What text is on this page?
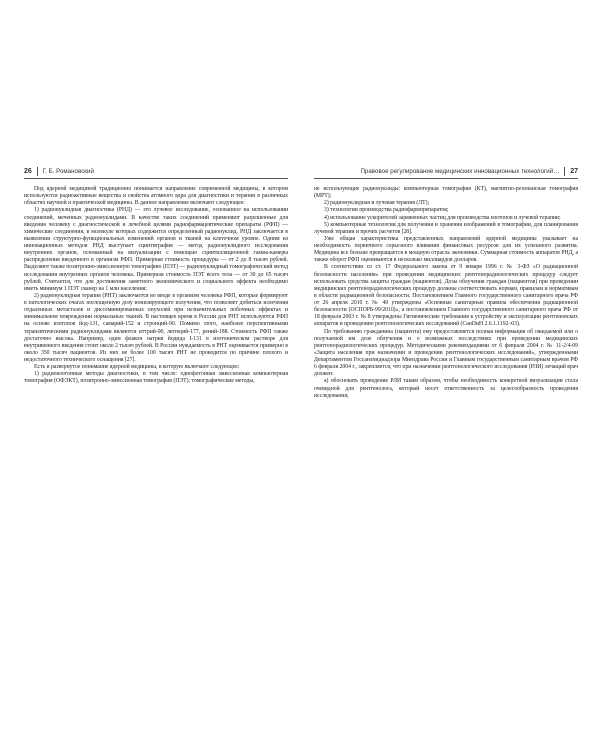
26 Г. Б. Романовский

Под ядерной медициной традиционно понимается направление современной медицины, в котором используются радиоактивные вещества и свойства атомного ядра для диагностики и терапии в различных областях научной и практической медицины. В данное направление включают следующее:

1) радионуклидная диагностика (РНД) — это лучевое исследование, основанное на использовании соединений, меченных радионуклидами. В качестве таких соединений применяют разрешенные для введения человеку с диагностической и лечебной целями радиофармацевтические препараты (РФП) — химические соединения, в молекуле которых содержится определенный радионуклид. РНД заключается в выявлении структурно-функциональных изменений органов и тканей на клеточном уровне. Одним из инновационных методов РНД выступает сцинтиграфия — метод радионуклидного исследования внутренних органов, основанный на визуализации с помощью сцинтилляционной гамма-камеры распределения введенного в организм РФП. Примерная стоимость процедуры — от 2 до 8 тысяч рублей. Выделяют также позитронно-эмиссионную томографию (ПЭТ) — радионуклидный томографический метод исследования внутренних органов человека. Примерная стоимость ПЭТ всего тела — от 30 до 65 тысяч рублей. Считается, что для достижения заметного экономического и социального эффекта необходимо иметь минимум 1 ПЭТ сканер на 1 млн населения;

2) радионуклидная терапия (РНТ) заключается во вводе в организм человека РФП, которые формируют в патологических очагах поглощенную дозу ионизирующего излучения, что позволяет добиться излечения отдаленных метастазов и диссеминированных опухолей при незначительных побочных эффектах и минимальном повреждении нормальных тканей. В настоящее время в России для РНТ используются РФП на основе изотопов йод-131, самарий-152 и стронций-90. Помимо этого, наиболее перспективными терапевтическими радионуклидами являются иттрий-90, лютеций-177, рений-188. Стоимость РФП также достаточно высока. Например, один флакон натрия йодида I-131 в изотоническом растворе для внутривенного введения стоит около 2 тысяч рублей. В России нуждаемость в РНТ оценивается примерно в около 350 тысяч пациентов. Из них не более 100 тысяч РНТ не проводится по причине плохого и недостаточного технического оснащения [27].

Есть и развернутое понимание ядерной медицины, в которую включают следующее:

1) радиоизотопные методы диагностики, в том числе: однофотонная эмиссионная компьютерная томография (ОФЭКТ), позитронно-эмиссионная томография (ПЭТ); томографические методы,

Правовое регулирование медицинских инновационных технологий… 27

не использующие радионуклиды: компьютерная томография (КТ), магнитно-резонансная томография (МРТ);

2) радионуклидная и лучевая терапия (ЛТ);

3) технологии производства радиофармпрепаратов;

4) использование ускорителей заряженных частиц для производства изотопов и лучевой терапии;

5) компьютерные технологии для получения и хранения изображений в томографии, для планирования лучевой терапии и прочих расчетов [28].

Уже общая характеристика представленных направлений ядерной медицины указывает на необходимость первичного серьезного вливания финансовых ресурсов для их успешного развития. Медицина все больше превращается в мощную отрасль экономики. Суммарная стоимость аппаратов РНД, а также оборот РФП оцениваются в несколько миллиардов долларов.

В соответствии со ст. 17 Федерального закона от 9 января 1996 г. № 3-ФЗ «О радиационной безопасности населения» при проведении медицинских рентгенорадиологических процедур следует использовать средства защиты граждан (пациентов). Дозы облучения граждан (пациентов) при проведении медицинских рентгенорадиологических процедур должны соответствовать нормам, правилам и нормативам в области радиационной безопасности. Постановлением Главного государственного санитарного врача РФ от 26 апреля 2010 г. № 40 утверждены «Основные санитарные правила обеспечения радиационной безопасности (ОСПОРБ-99/2010)», а постановлением Главного государственного санитарного врача РФ от 18 февраля 2003 г. № 8 утверждены Гигиенические требования к устройству и эксплуатации рентгеновских аппаратов и проведению рентгенологических исследований (СанПиН 2.6.1.1192–03).

По требованию гражданина (пациента) ему предоставляется полная информация об ожидаемой или о получаемой им дозе облучения и о возможных последствиях при проведении медицинских рентгенорадиологических процедур. Методическими рекомендациями от 6 февраля 2004 г. № 11-2/4-09 «Защита населения при назначении и проведении рентгенологических исследований», утвержденными Департаментом Госсанэпиднадзора Минздрава России и Главным государственным санитарным врачом РФ 6 февраля 2004 г., закрепляется, что при назначении рентгенологического исследования (РЛИ) лечащий врач должен:

а) обосновать проведение РЛИ таким образом, чтобы необходимость конкретной визуализации стала очевидной для рентгенолога, который несет ответственность за целесообразность проведения исследования;
